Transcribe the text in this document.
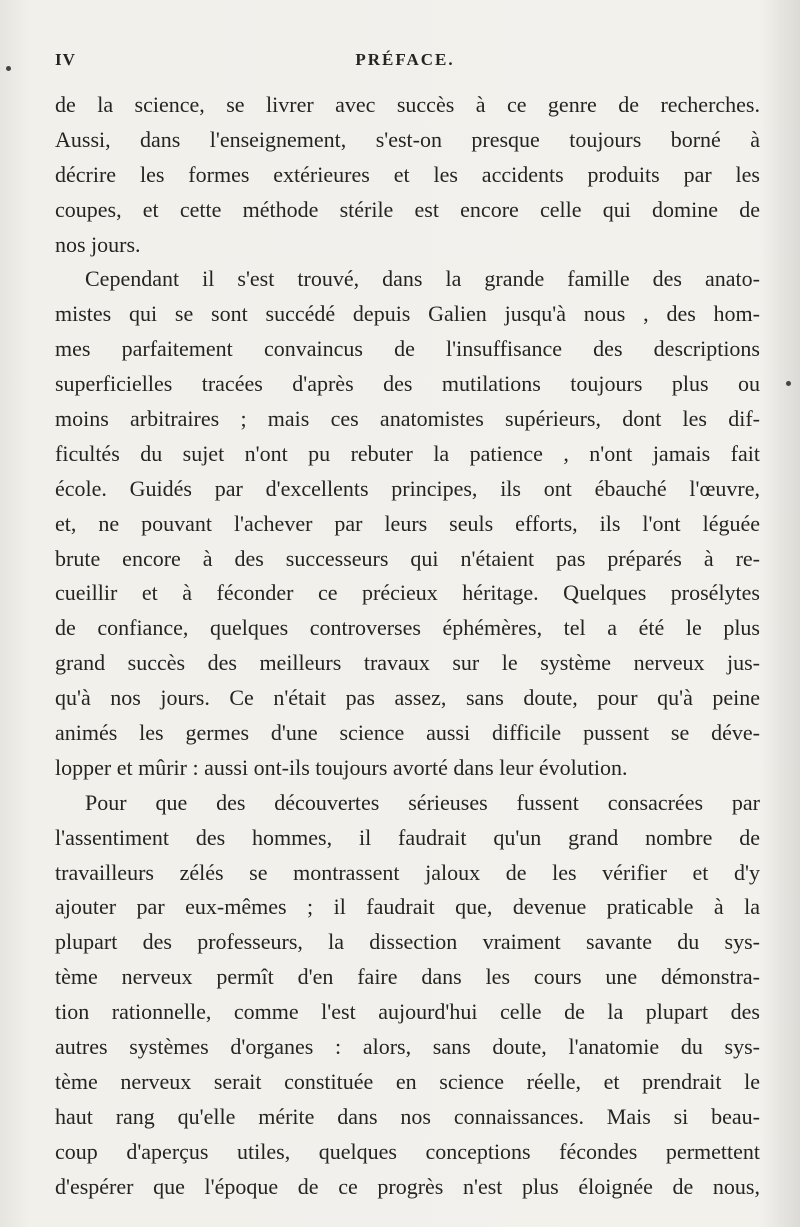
IV	PRÉFACE.
de la science, se livrer avec succès à ce genre de recherches.
Aussi, dans l'enseignement, s'est-on presque toujours borné à
décrire les formes extérieures et les accidents produits par les
coupes, et cette méthode stérile est encore celle qui domine de
nos jours.
Cependant il s'est trouvé, dans la grande famille des anato-
mistes qui se sont succédé depuis Galien jusqu'à nous , des hom-
mes parfaitement convaincus de l'insuffisance des descriptions
superficielles tracées d'après des mutilations toujours plus ou
moins arbitraires ; mais ces anatomistes supérieurs, dont les dif-
ficultés du sujet n'ont pu rebuter la patience , n'ont jamais fait
école. Guidés par d'excellents principes, ils ont ébauché l'œuvre,
et, ne pouvant l'achever par leurs seuls efforts, ils l'ont léguée
brute encore à des successeurs qui n'étaient pas préparés à re-
cueillir et à féconder ce précieux héritage. Quelques prosélytes
de confiance, quelques controverses éphémères, tel a été le plus
grand succès des meilleurs travaux sur le système nerveux jus-
qu'à nos jours. Ce n'était pas assez, sans doute, pour qu'à peine
animés les germes d'une science aussi difficile pussent se déve-
lopper et mûrir : aussi ont-ils toujours avorté dans leur évolution.
Pour que des découvertes sérieuses fussent consacrées par
l'assentiment des hommes, il faudrait qu'un grand nombre de
travailleurs zélés se montrassent jaloux de les vérifier et d'y
ajouter par eux-mêmes ; il faudrait que, devenue praticable à la
plupart des professeurs, la dissection vraiment savante du sys-
tème nerveux permît d'en faire dans les cours une démonstra-
tion rationnelle, comme l'est aujourd'hui celle de la plupart des
autres systèmes d'organes : alors, sans doute, l'anatomie du sys-
tème nerveux serait constituée en science réelle, et prendrait le
haut rang qu'elle mérite dans nos connaissances. Mais si beau-
coup d'aperçus utiles, quelques conceptions fécondes permettent
d'espérer que l'époque de ce progrès n'est plus éloignée de nous,
